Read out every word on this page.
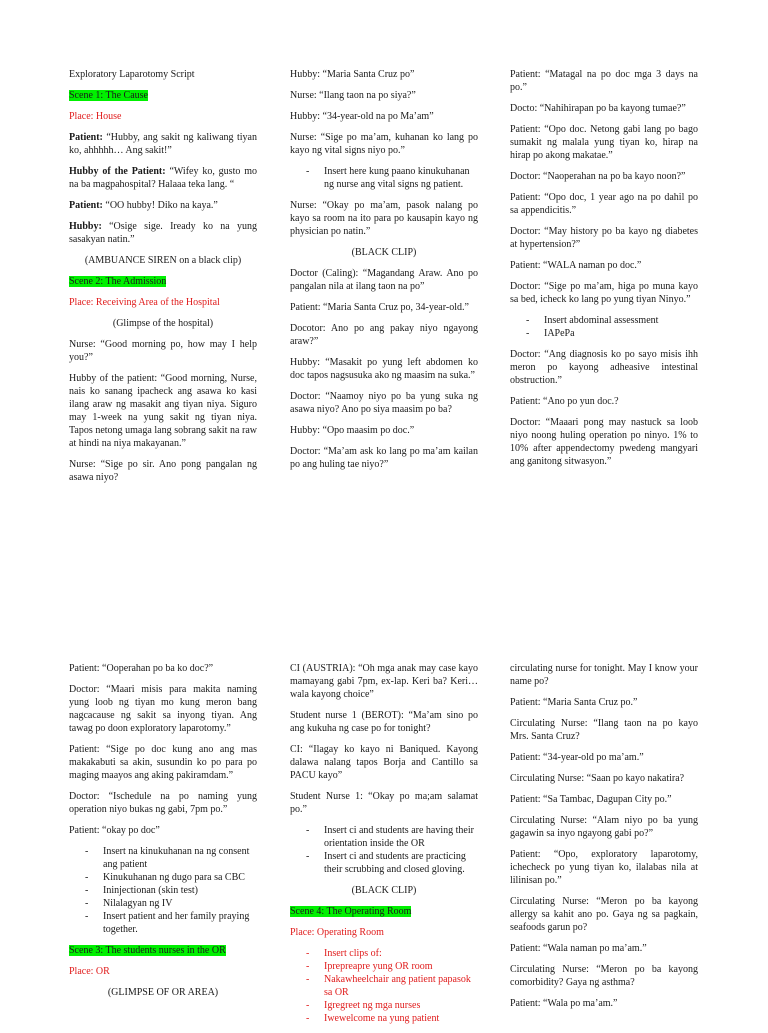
Exploratory Laparotomy Script

Scene 1: The Cause

Place: House

Patient: “Hubby, ang sakit ng kaliwang tiyan ko, ahhhhh… Ang sakit!”

Hubby of the Patient: “Wifey ko, gusto mo na ba magpahospital? Halaaa teka lang. “

Patient: “OO hubby! Diko na kaya.”

Hubby: “Osige sige. Iready ko na yung sasakyan natin.”

(AMBUANCE SIREN on a black clip)

Scene 2: The Admission

Place: Receiving Area of the Hospital

(Glimpse of the hospital)

Nurse: “Good morning po, how may I help you?”

Hubby of the patient: “Good morning, Nurse, nais ko sanang ipacheck ang asawa ko kasi ilang araw ng masakit ang tiyan niya. Siguro may 1-week na yung sakit ng tiyan niya. Tapos netong umaga lang sobrang sakit na raw at hindi na niya makayanan.”

Nurse: “Sige po sir. Ano pong pangalan ng asawa niyo?

Hubby: “Maria Santa Cruz po”

Nurse: “Ilang taon na po siya?”

Hubby: “34-year-old na po Ma’am”

Nurse: “Sige po ma’am, kuhanan ko lang po kayo ng vital signs niyo po.”

- Insert here kung paano kinukuhanan ng nurse ang vital signs ng patient.

Nurse: “Okay po ma’am, pasok nalang po kayo sa room na ito para po kausapin kayo ng physician po natin.”

(BLACK CLIP)

Doctor (Caling): “Magandang Araw. Ano po pangalan nila at ilang taon na po”

Patient: “Maria Santa Cruz po, 34-year-old.”

Docotor: Ano po ang pakay niyo ngayong araw?”

Hubby: “Masakit po yung left abdomen ko doc tapos nagsusuka ako ng maasim na suka.”

Doctor: “Naamoy niyo po ba yung suka ng asawa niyo? Ano po siya maasim po ba?

Hubby: “Opo maasim po doc.”

Doctor: “Ma’am ask ko lang po ma’am kailan po ang huling tae niyo?”

Patient: “Matagal na po doc mga 3 days na po.”

Docto: “Nahihirapan po ba kayong tumae?”

Patient: “Opo doc. Netong gabi lang po bago sumakit ng malala yung tiyan ko, hirap na hirap po akong makatae.”

Doctor: “Naoperahan na po ba kayo noon?”

Patient: “Opo doc, 1 year ago na po dahil po sa appendicitis.”

Doctor: “May history po ba kayo ng diabetes at hypertension?”

Patient: “WALA naman po doc.”

Doctor: “Sige po ma’am, higa po muna kayo sa bed, icheck ko lang po yung tiyan Ninyo.”

- Insert abdominal assessment
- IAPePa

Doctor: “Ang diagnosis ko po sayo misis ihh meron po kayong adheasive intestinal obstruction.”

Patient: “Ano po yun doc.?

Doctor: “Maaari pong may nastuck sa loob niyo noong huling operation po ninyo. 1% to 10% after appendectomy pwedeng mangyari ang ganitong sitwasyon.”

Patient: “Ooperahan po ba ko doc?”

Doctor: “Maari misis para makita naming yung loob ng tiyan mo kung meron bang nagcacause ng sakit sa inyong tiyan. Ang tawag po doon exploratory laparotomy.”

Patient: “Sige po doc kung ano ang mas makakabuti sa akin, susundin ko po para po maging maayos ang aking pakiramdam.”

Doctor: “Ischedule na po naming yung operation niyo bukas ng gabi, 7pm po.”

Patient: “okay po doc”

- Insert na kinukuhanan na ng consent ang patient
- Kinukuhanan ng dugo para sa CBC
- Ininjectionan (skin test)
- Nilalagyan ng IV
- Insert patient and her family praying together.

Scene 3: The students nurses in the OR

Place: OR

(GLIMPSE OF OR AREA)

CI (AUSTRIA): “Oh mga anak may case kayo mamayang gabi 7pm, ex-lap. Keri ba? Keri… wala kayong choice”

Student nurse 1 (BEROT): “Ma’am sino po ang kukuha ng case po for tonight?

CI: “Ilagay ko kayo ni Baniqued. Kayong dalawa nalang tapos Borja and Cantillo sa PACU kayo”

Student Nurse 1: “Okay po ma;am salamat po.”

- Insert ci and students are having their orientation inside the OR
- Insert ci and students are practicing their scrubbing and closed gloving.

(BLACK CLIP)

Scene 4: The Operating Room

Place: Operating Room

- Insert clips of:
- Iprepreapre yung OR room
- Nakawheelchair ang patient papasok sa OR
- Igregreet ng mga nurses
- Iwewelcome na yung patient

circulating nurse for tonight. May I know your name po?

Patient: “Maria Santa Cruz po.”

Circulating Nurse: “Ilang taon na po kayo Mrs. Santa Cruz?

Patient: “34-year-old po ma’am.”

Circulating Nurse: “Saan po kayo nakatira?

Patient: “Sa Tambac, Dagupan City po.”

Circulating Nurse: “Alam niyo po ba yung gagawin sa inyo ngayong gabi po?”

Patient: “Opo, exploratory laparotomy, ichecheck po yung tiyan ko, ilalabas nila at lilinisan po.”

Circulating Nurse: “Meron po ba kayong allergy sa kahit ano po. Gaya ng sa pagkain, seafoods garun po?

Patient: “Wala naman po ma’am.”

Circulating Nurse: “Meron po ba kayong comorbidity? Gaya ng asthma?

Patient: “Wala po ma’am.”
